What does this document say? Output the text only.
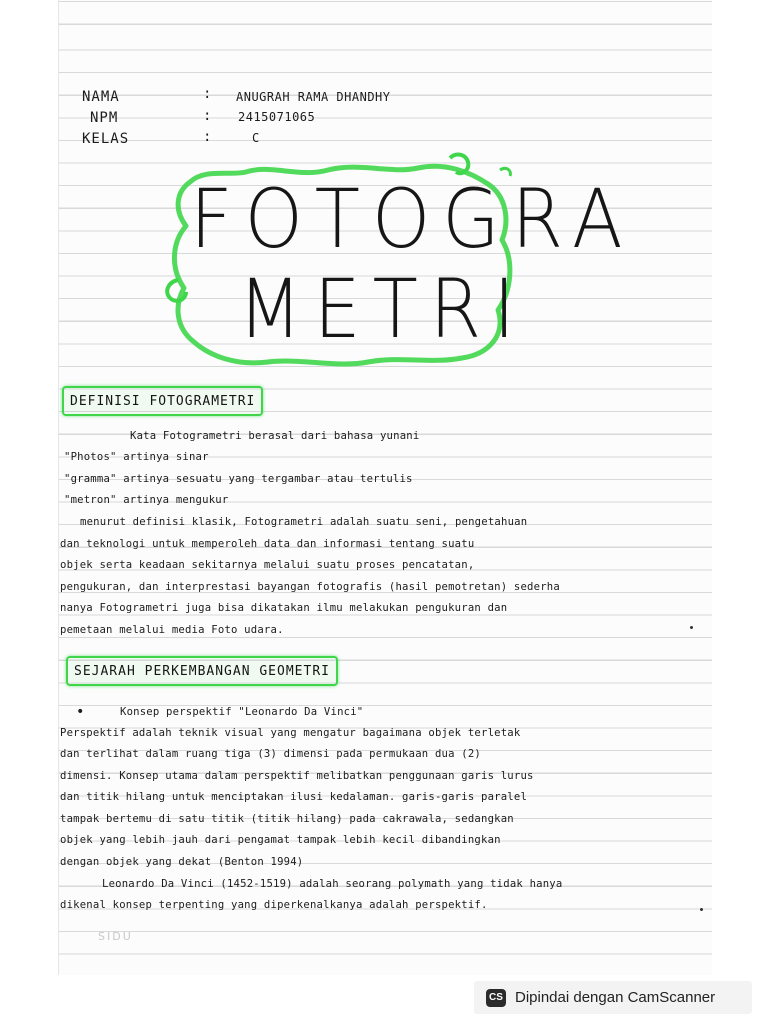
NAMA	: ANUGRAH RAMA DHANDHY
NPM	: 2415071065
KELAS	:	C
FOTOGRA
METRI
DEFINISI FOTOGRAMETRI
Kata Fotogrametri berasal dari bahasa yunani
"Photos" artinya sinar
"gramma" artinya sesuatu yang tergambar atau tertulis
"metron" artinya mengukur
menurut definisi klasik, Fotogrametri adalah suatu seni, pengetahuan
dan teknologi untuk memperoleh data dan informasi tentang suatu
objek serta keadaan sekitarnya melalui suatu proses pencatatan,
pengukuran, dan interprestasi bayangan fotografis (hasil pemotretan) sederha
nanya Fotogrametri juga bisa dikatakan ilmu melakukan pengukuran dan
pemetaan melalui media Foto udara.
SEJARAH PERKEMBANGAN GEOMETRI
•	Konsep perspektif "Leonardo Da Vinci"
Perspektif adalah teknik visual yang mengatur bagaimana objek terletak
dan terlihat dalam ruang tiga (3) dimensi pada permukaan dua (2)
dimensi. Konsep utama dalam perspektif melibatkan penggunaan garis lurus
dan titik hilang untuk menciptakan ilusi kedalaman. garis-garis paralel
tampak bertemu di satu titik (titik hilang) pada cakrawala, sedangkan
objek yang lebih jauh dari pengamat tampak lebih kecil dibandingkan
dengan objek yang dekat (Benton 1994)
Leonardo Da Vinci (1452-1519) adalah seorang polymath yang tidak hanya
dikenal konsep terpenting yang diperkenalkanya adalah perspektif.
SIDU
CS Dipindai dengan CamScanner
